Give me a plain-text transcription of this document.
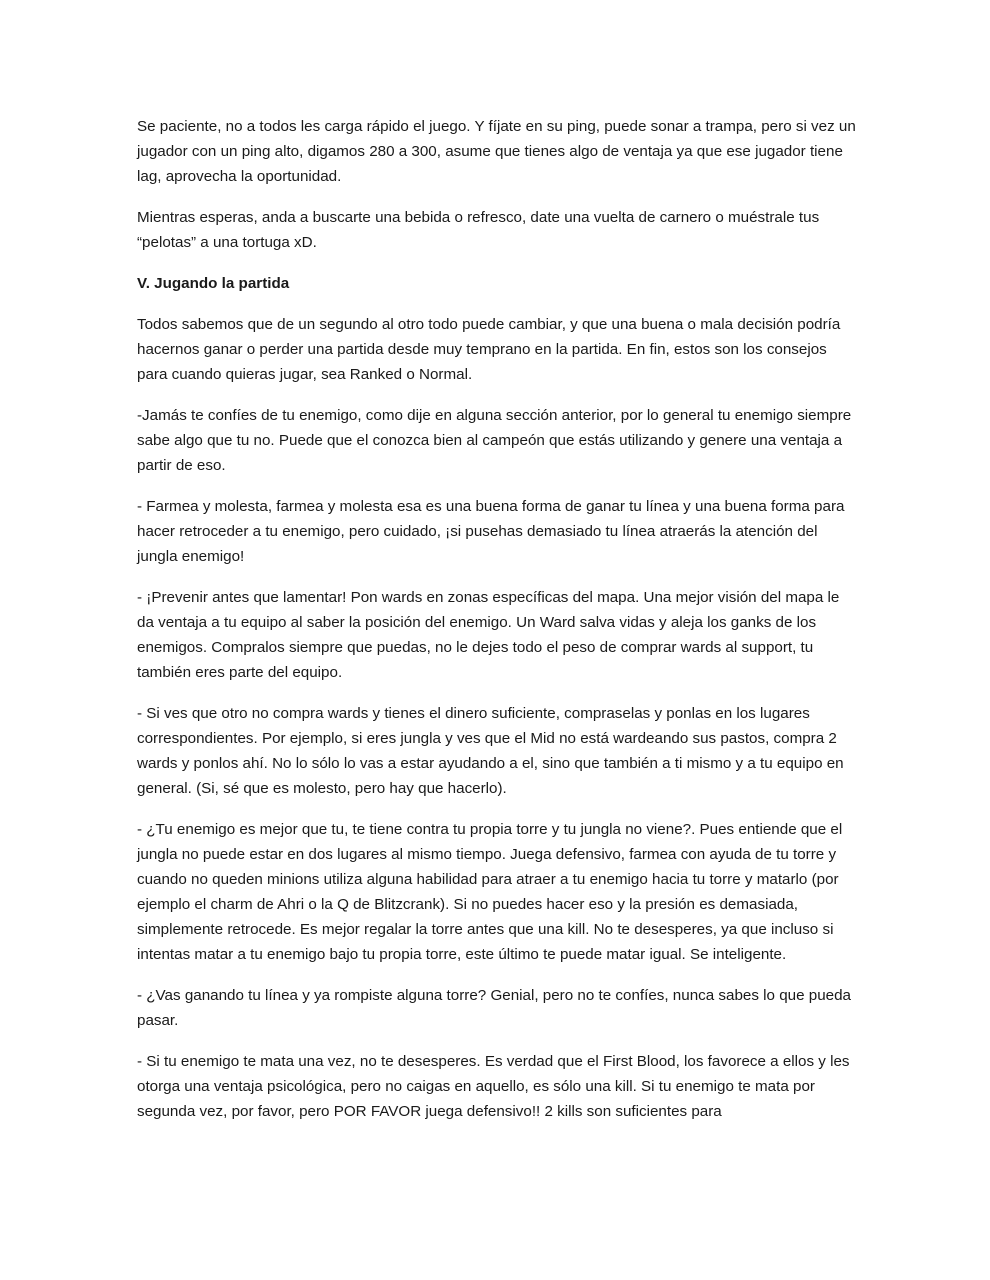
Se paciente, no a todos les carga rápido el juego. Y fíjate en su ping, puede sonar a trampa, pero si vez un jugador con un ping alto, digamos 280 a 300, asume que tienes algo de ventaja ya que ese jugador tiene lag, aprovecha la oportunidad.

Mientras esperas, anda a buscarte una bebida o refresco, date una vuelta de carnero o muéstrale tus “pelotas” a una tortuga xD.

V. Jugando la partida

Todos sabemos que de un segundo al otro todo puede cambiar, y que una buena o mala decisión podría hacernos ganar o perder una partida desde muy temprano en la partida. En fin, estos son los consejos para cuando quieras jugar, sea Ranked o Normal.

-Jamás te confíes de tu enemigo, como dije en alguna sección anterior, por lo general tu enemigo siempre sabe algo que tu no. Puede que el conozca bien al campeón que estás utilizando y genere una ventaja a partir de eso.

- Farmea y molesta, farmea y molesta esa es una buena forma de ganar tu línea y una buena forma para hacer retroceder a tu enemigo, pero cuidado, ¡si pusehas demasiado tu línea atraerás la atención del jungla enemigo!

- ¡Prevenir antes que lamentar! Pon wards en zonas específicas del mapa. Una mejor visión del mapa le da ventaja a tu equipo al saber la posición del enemigo. Un Ward salva vidas y aleja los ganks de los enemigos. Compralos siempre que puedas, no le dejes todo el peso de comprar wards al support, tu también eres parte del equipo.

- Si ves que otro no compra wards y tienes el dinero suficiente, compraselas y ponlas en los lugares correspondientes. Por ejemplo, si eres jungla y ves que el Mid no está wardeando sus pastos, compra 2 wards y ponlos ahí. No lo sólo lo vas a estar ayudando a el, sino que también a ti mismo y a tu equipo en general. (Si, sé que es molesto, pero hay que hacerlo).

- ¿Tu enemigo es mejor que tu, te tiene contra tu propia torre y tu jungla no viene?. Pues entiende que el jungla no puede estar en dos lugares al mismo tiempo. Juega defensivo, farmea con ayuda de tu torre y cuando no queden minions utiliza alguna habilidad para atraer a tu enemigo hacia tu torre y matarlo (por ejemplo el charm de Ahri o la Q de Blitzcrank). Si no puedes hacer eso y la presión es demasiada, simplemente retrocede. Es mejor regalar la torre antes que una kill. No te desesperes, ya que incluso si intentas matar a tu enemigo bajo tu propia torre, este último te puede matar igual. Se inteligente.

- ¿Vas ganando tu línea y ya rompiste alguna torre? Genial, pero no te confíes, nunca sabes lo que pueda pasar.

- Si tu enemigo te mata una vez, no te desesperes. Es verdad que el First Blood, los favorece a ellos y les otorga una ventaja psicológica, pero no caigas en aquello, es sólo una kill. Si tu enemigo te mata por segunda vez, por favor, pero POR FAVOR juega defensivo!! 2 kills son suficientes para
